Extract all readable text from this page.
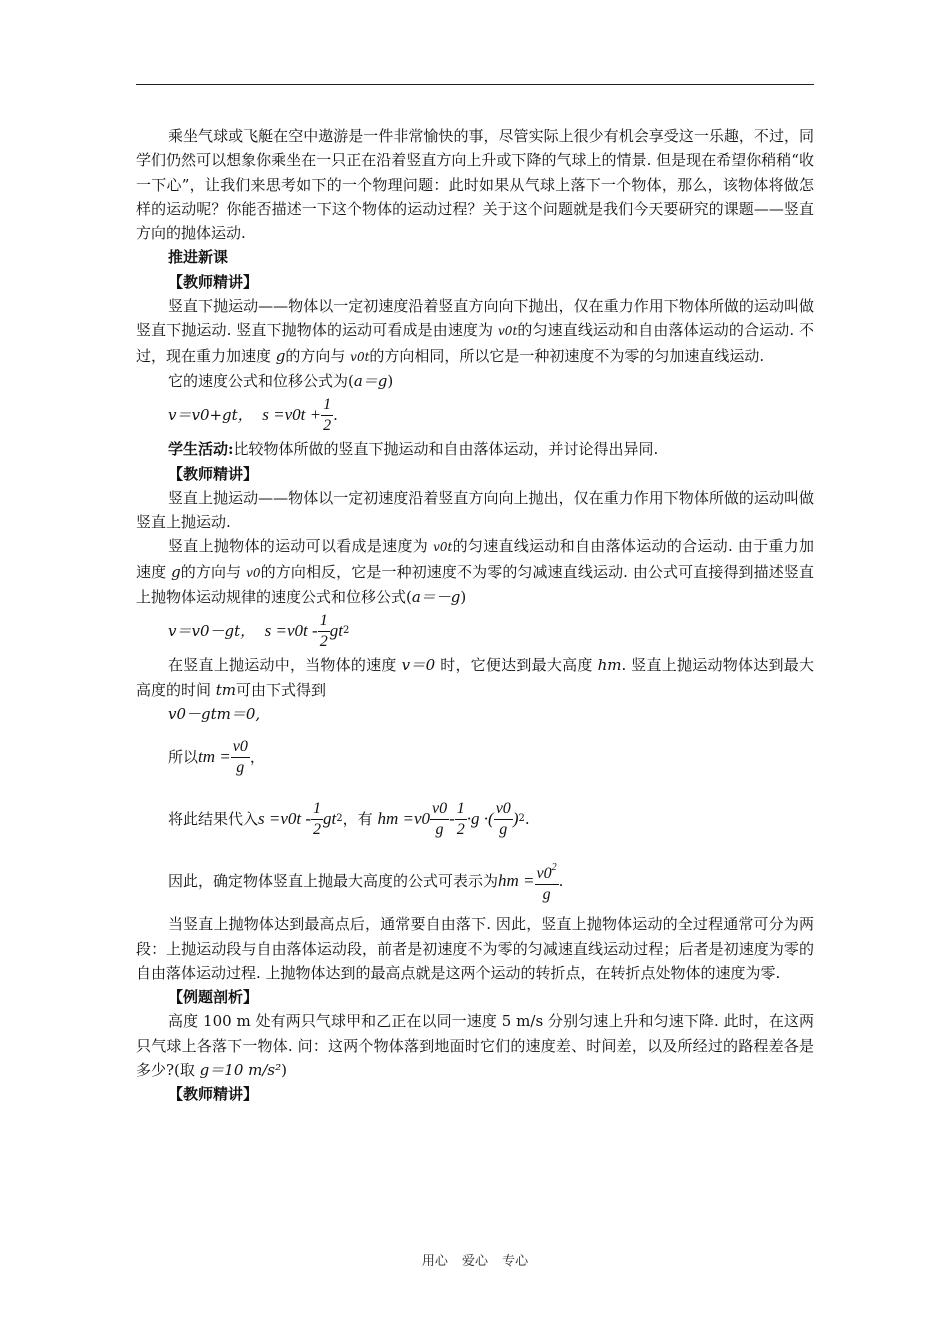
乘坐气球或飞艇在空中遨游是一件非常愉快的事，尽管实际上很少有机会享受这一乐趣，不过，同学们仍然可以想象你乘坐在一只正在沿着竖直方向上升或下降的气球上的情景. 但是现在希望你稍稍“收一下心”，让我们来思考如下的一个物理问题：此时如果从气球上落下一个物体，那么，该物体将做怎样的运动呢？你能否描述一下这个物体的运动过程？关于这个问题就是我们今天要研究的课题——竖直方向的抛体运动.

推进新课

【教师精讲】

竖直下抛运动——物体以一定初速度沿着竖直方向向下抛出，仅在重力作用下物体所做的运动叫做竖直下抛运动. 竖直下抛物体的运动可看成是由速度为 v0t的匀速直线运动和自由落体运动的合运动. 不过，现在重力加速度 g的方向与 v0t的方向相同，所以它是一种初速度不为零的匀加速直线运动.

它的速度公式和位移公式为(a＝g)

v＝v0+gt，
$s =v0t + \frac{1}{2}$ .

学生活动:比较物体所做的竖直下抛运动和自由落体运动，并讨论得出异同.

【教师精讲】

竖直上抛运动——物体以一定初速度沿着竖直方向向上抛出，仅在重力作用下物体所做的运动叫做竖直上抛运动.

竖直上抛物体的运动可以看成是速度为 v0t的匀速直线运动和自由落体运动的合运动. 由于重力加速度 g的方向与 v0的方向相反，它是一种初速度不为零的匀减速直线运动. 由公式可直接得到描述竖直上抛物体运动规律的速度公式和位移公式(a＝－g)

v＝v0－gt，
$s =v0t - \frac{1}{2}$ gt 2

在竖直上抛运动中，当物体的速度 v＝0 时，它便达到最大高度 hm. 竖直上抛运动物体达到最大高度的时间 tm可由下式得到

v0－gtm＝0,

所以 tm = $\frac{v0}{g}$ ，

将此结果代入 $s =v0t - \frac{1}{2}$ gt 2 ，有
hm $=v0 \frac{v0}{g} - \frac{1}{2} \cdot g$ ·( $\frac{v0}{g}$ ) 2 .

因此，确定物体竖直上抛最大高度的公式可表示为 hm = $\frac{v0^2}{g}$ .

当竖直上抛物体达到最高点后，通常要自由落下. 因此，竖直上抛物体运动的全过程通常可分为两段：上抛运动段与自由落体运动段，前者是初速度不为零的匀减速直线运动过程；后者是初速度为零的自由落体运动过程. 上抛物体达到的最高点就是这两个运动的转折点，在转折点处物体的速度为零.

【例题剖析】

高度 100 m 处有两只气球甲和乙正在以同一速度 5 m/s 分别匀速上升和匀速下降. 此时，在这两只气球上各落下一物体. 问：这两个物体落到地面时它们的速度差、时间差，以及所经过的路程差各是多少?(取 g＝10 m/s²)

【教师精讲】

用心 爱心 专心
